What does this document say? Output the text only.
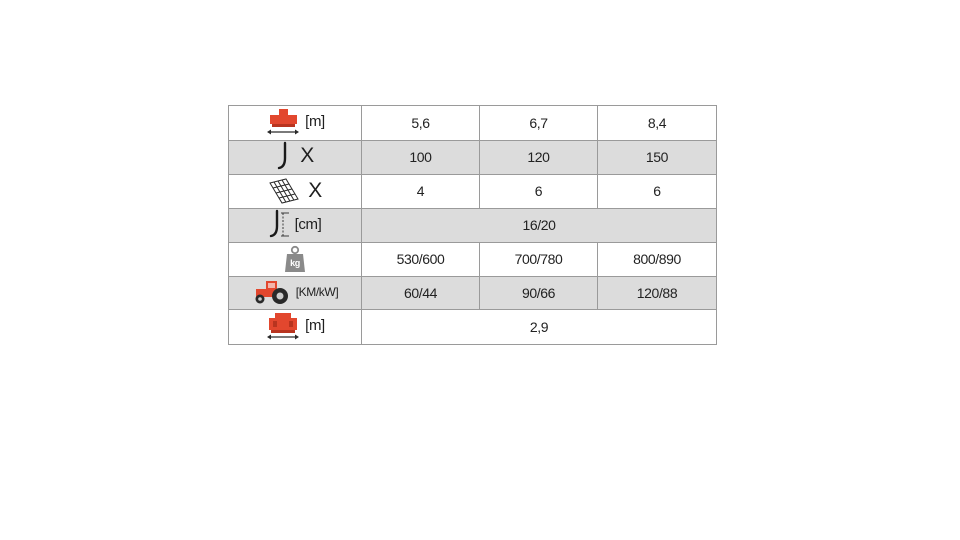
[m]	5,6	6,7	8,4

X	100	120	150

X	4	6	6

[cm]	16/20		

kg	530/600	700/780	800/890

[KM/kW]	60/44	90/66	120/88

[m]	2,9		
